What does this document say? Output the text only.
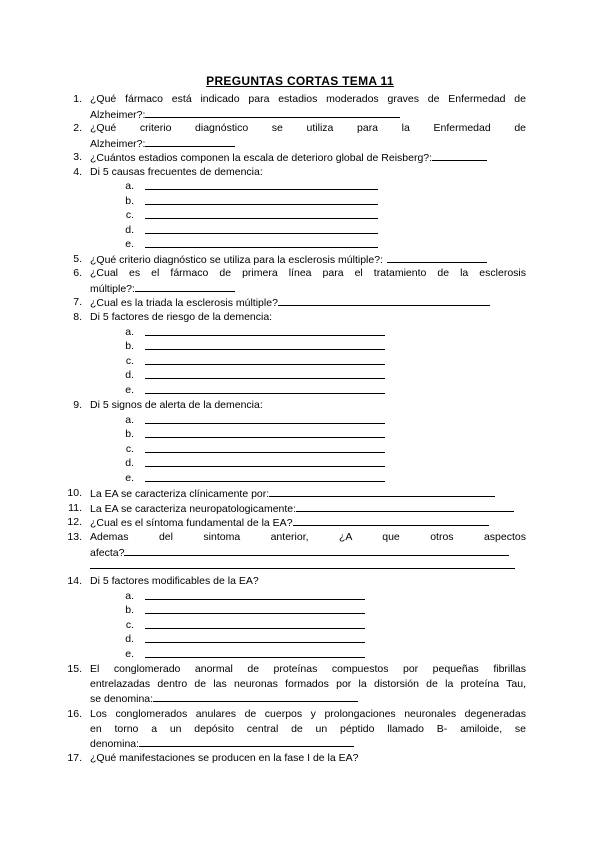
PREGUNTAS CORTAS TEMA 11
1. ¿Qué fármaco está indicado para estadios moderados graves de Enfermedad de
Alzheimer?:
2. ¿Qué criterio diagnóstico se utiliza para la Enfermedad de
Alzheimer?:
3. ¿Cuántos estadios componen la escala de deterioro global de Reisberg?:
4. Di 5 causas frecuentes de demencia:
a.
b.
c.
d.
e.
5. ¿Qué criterio diagnóstico se utiliza para la esclerosis múltiple?:
6. ¿Cual es el fármaco de primera línea para el tratamiento de la esclerosis
múltiple?:
7. ¿Cual es la triada la esclerosis múltiple?
8. Di 5 factores de riesgo de la demencia:
a.
b.
c.
d.
e.
9. Di 5 signos de alerta de la demencia:
a.
b.
c.
d.
e.
10. La EA se caracteriza clínicamente por:
11. La EA se caracteriza neuropatologicamente:
12. ¿Cual es el síntoma fundamental de la EA?
13. Ademas del sintoma anterior, ¿A que otros aspectos
afecta?
14. Di 5 factores modificables de la EA?
a.
b.
c.
d.
e.
15. El conglomerado anormal de proteínas compuestos por pequeñas fibrillas
entrelazadas dentro de las neuronas formados por la distorsión de la proteína Tau,
se denomina:
16. Los conglomerados anulares de cuerpos y prolongaciones neuronales degeneradas
en torno a un depósito central de un péptido llamado B- amiloide, se
denomina:
17. ¿Qué manifestaciones se producen en la fase I de la EA?
